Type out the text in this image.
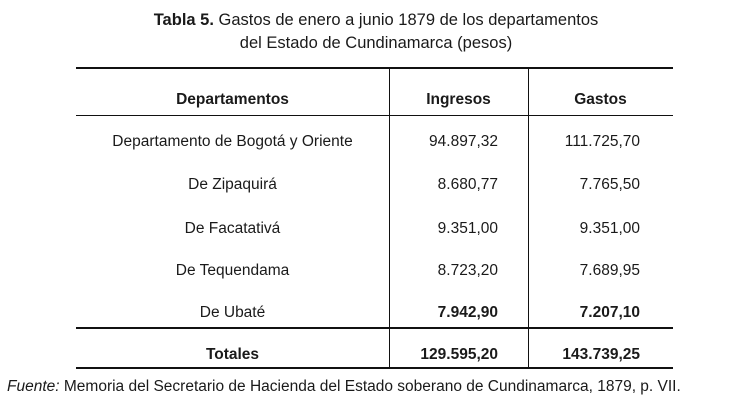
Tabla 5. Gastos de enero a junio 1879 de los departamentos
del Estado de Cundinamarca (pesos)
Departamentos	Ingresos	Gastos
Departamento de Bogotá y Oriente	94.897,32	111.725,70
De Zipaquirá	8.680,77	7.765,50
De Facatativá	9.351,00	9.351,00
De Tequendama	8.723,20	7.689,95
De Ubaté	7.942,90	7.207,10
Totales	129.595,20	143.739,25
Fuente: Memoria del Secretario de Hacienda del Estado soberano de Cundinamarca, 1879, p. VII.
